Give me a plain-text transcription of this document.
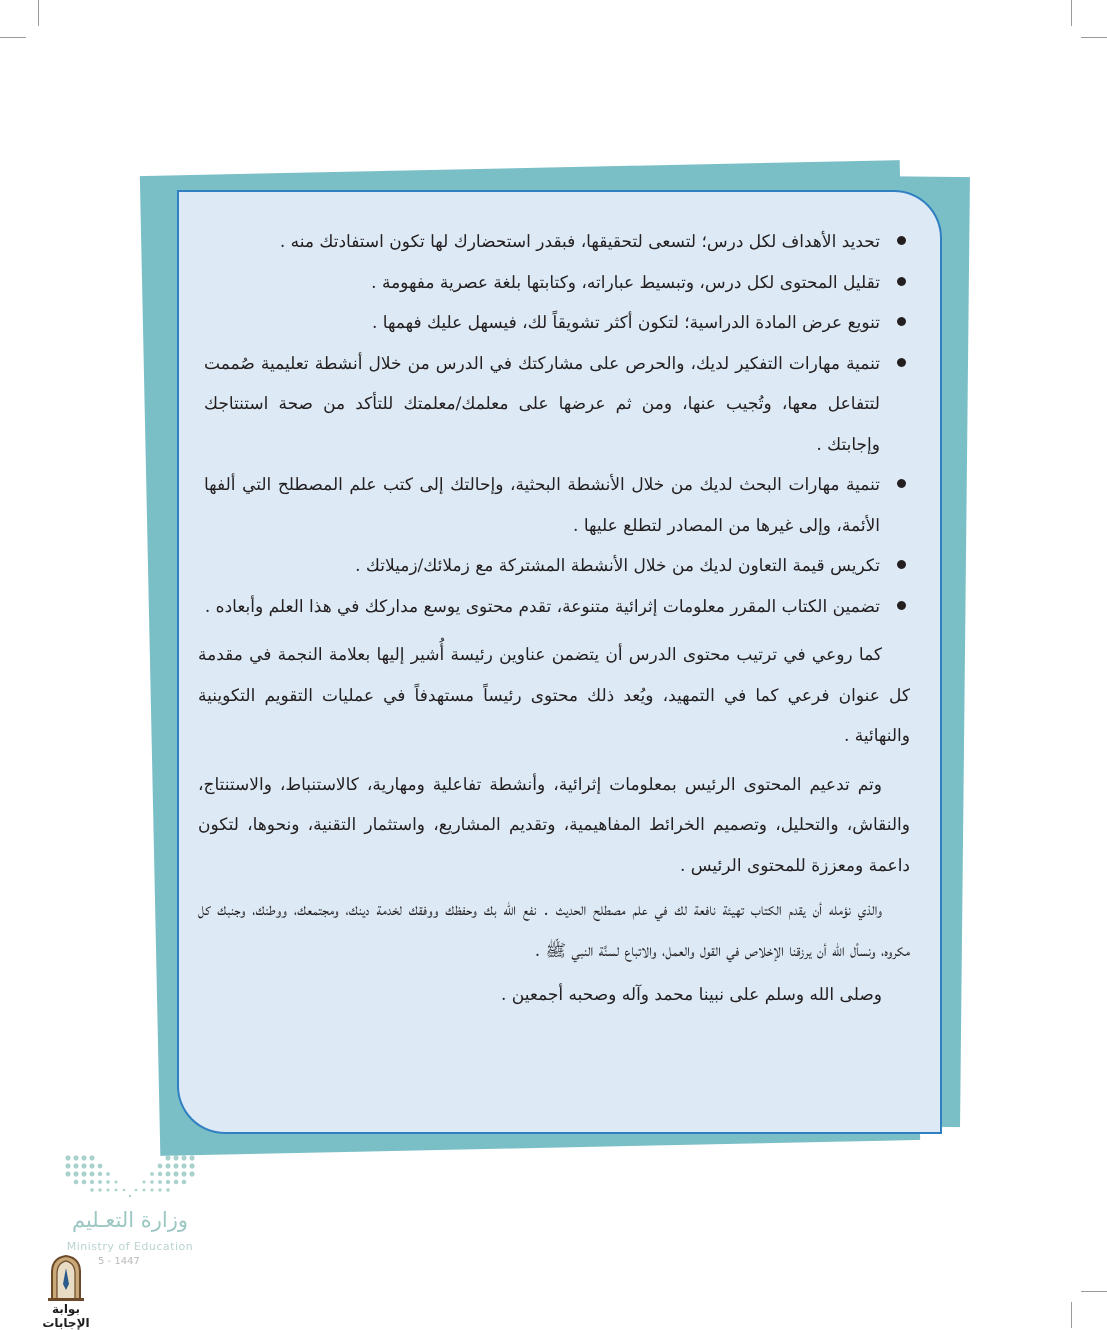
تحديد الأهداف لكل درس؛ لتسعى لتحقيقها، فبقدر استحضارك لها تكون استفادتك منه .
تقليل المحتوى لكل درس، وتبسيط عباراته، وكتابتها بلغة عصرية مفهومة .
تنويع عرض المادة الدراسية؛ لتكون أكثر تشويقاً لك، فيسهل عليك فهمها .
تنمية مهارات التفكير لديك، والحرص على مشاركتك في الدرس من خلال أنشطة تعليمية صُممت لتتفاعل معها، وتُجيب عنها، ومن ثم عرضها على معلمك/معلمتك للتأكد من صحة استنتاجك وإجابتك .
تنمية مهارات البحث لديك من خلال الأنشطة البحثية، وإحالتك إلى كتب علم المصطلح التي ألفها الأئمة، وإلى غيرها من المصادر لتطلع عليها .
تكريس قيمة التعاون لديك من خلال الأنشطة المشتركة مع زملائك/زميلاتك .
تضمين الكتاب المقرر معلومات إثرائية متنوعة، تقدم محتوى يوسع مداركك في هذا العلم وأبعاده .

كما روعي في ترتيب محتوى الدرس أن يتضمن عناوين رئيسة أُشير إليها بعلامة النجمة في مقدمة كل عنوان فرعي كما في التمهيد، ويُعد ذلك محتوى رئيساً مستهدفاً في عمليات التقويم التكوينية والنهائية .

وتم تدعيم المحتوى الرئيس بمعلومات إثرائية، وأنشطة تفاعلية ومهارية، كالاستنباط، والاستنتاج، والنقاش، والتحليل، وتصميم الخرائط المفاهيمية، وتقديم المشاريع، واستثمار التقنية، ونحوها، لتكون داعمة ومعززة للمحتوى الرئيس .

والذي نؤمله أن يقدم الكتاب تهيئة نافعة لك في علم مصطلح الحديث . نفع الله بك وحفظك ووفقك لخدمة دينك، ومجتمعك، ووطنك، وجنبك كل مكروه، ونسأل الله أن يرزقنا الإخلاص في القول والعمل، والاتباع لسنَّة النبي ﷺ .

وصلى الله وسلم على نبينا محمد وآله وصحبه أجمعين .

وزارة التعـليم
Ministry of Education
5 - 1447
بوابة الإجابات
